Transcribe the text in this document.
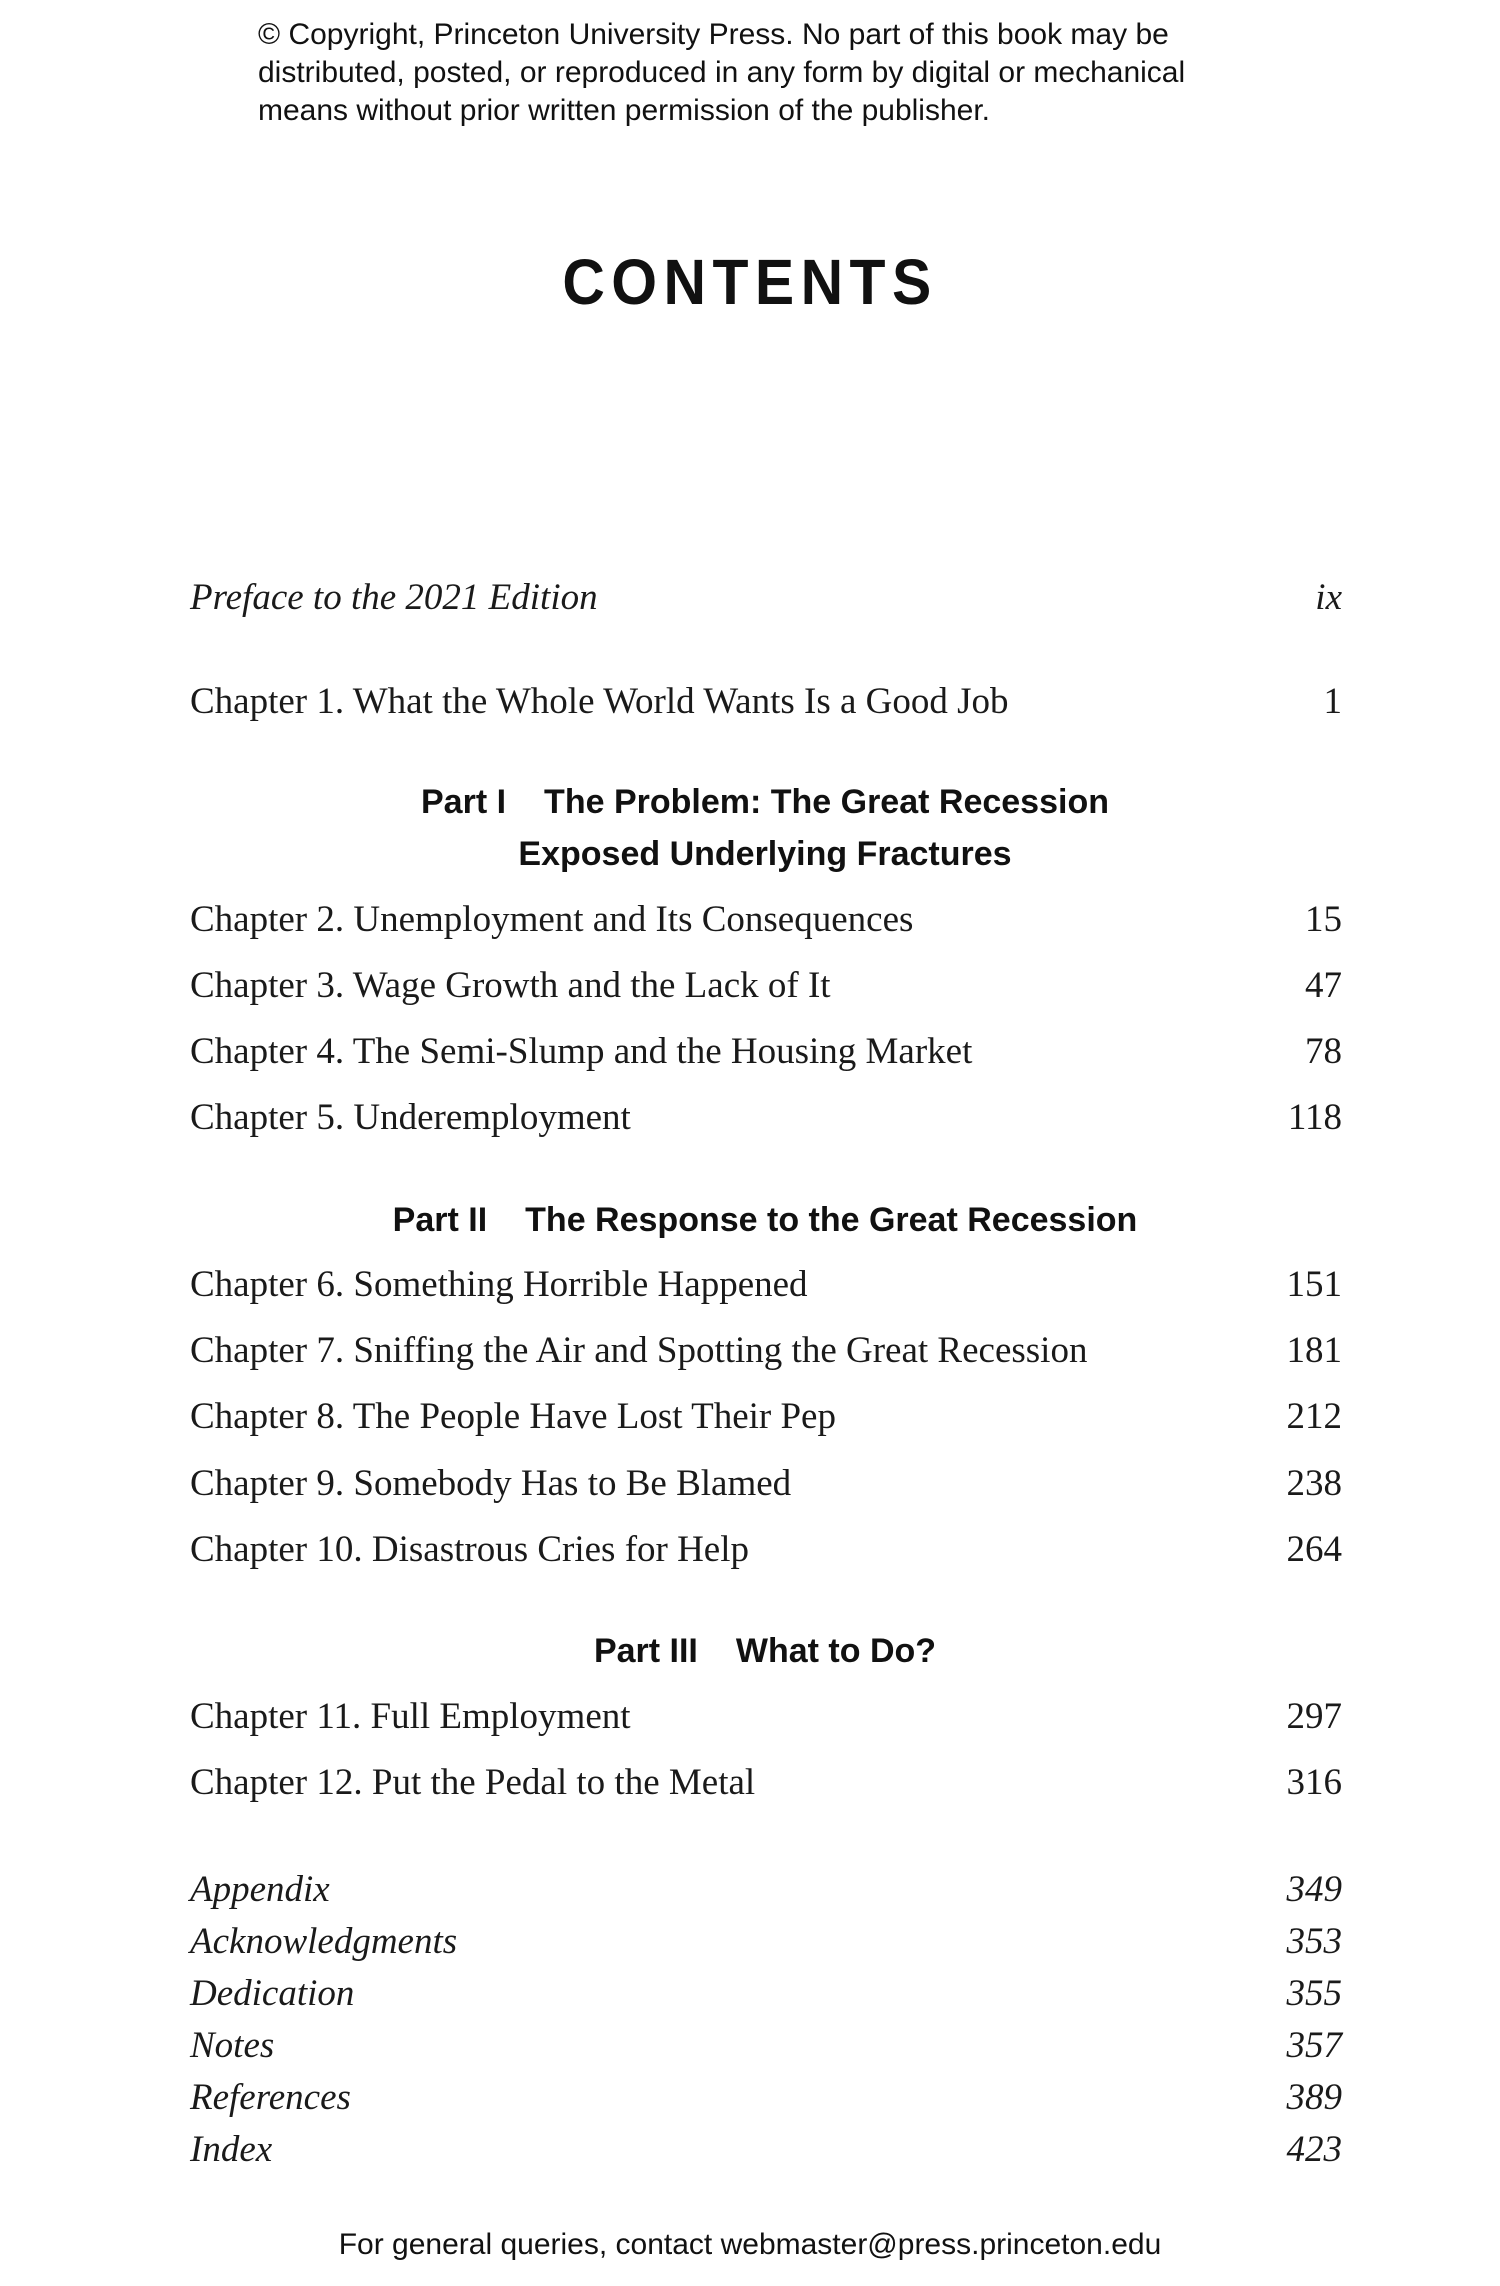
© Copyright, Princeton University Press. No part of this book may be
distributed, posted, or reproduced in any form by digital or mechanical
means without prior written permission of the publisher.
CONTENTS
Preface to the 2021 Edition	ix
Chapter 1. What the Whole World Wants Is a Good Job	1
Part I The Problem: The Great Recession
Exposed Underlying Fractures
Chapter 2. Unemployment and Its Consequences	15
Chapter 3. Wage Growth and the Lack of It	47
Chapter 4. The Semi-Slump and the Housing Market	78
Chapter 5. Underemployment	118
Part II The Response to the Great Recession
Chapter 6. Something Horrible Happened	151
Chapter 7. Sniffing the Air and Spotting the Great Recession	181
Chapter 8. The People Have Lost Their Pep	212
Chapter 9. Somebody Has to Be Blamed	238
Chapter 10. Disastrous Cries for Help	264
Part III What to Do?
Chapter 11. Full Employment	297
Chapter 12. Put the Pedal to the Metal	316
Appendix	349
Acknowledgments	353
Dedication	355
Notes	357
References	389
Index	423
For general queries, contact webmaster@press.princeton.edu
